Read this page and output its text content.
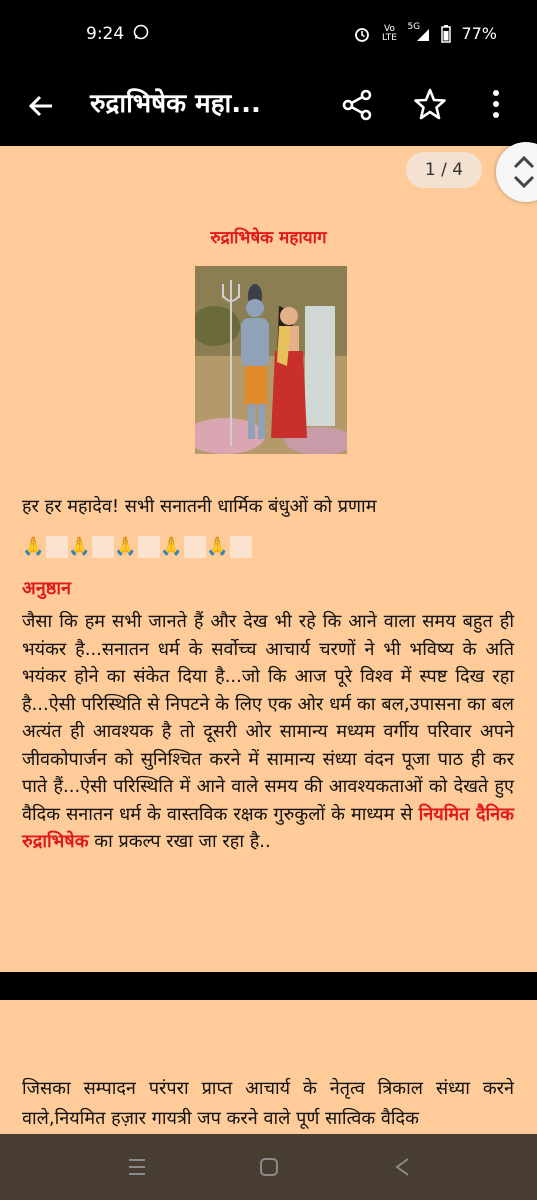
9:24	Vo LTE
5G	77%
रुद्राभिषेक महा...
1 / 4
रुद्राभिषेक महायाग
हर हर महादेव! सभी सनातनी धार्मिक बंधुओं को प्रणाम
🙏 🙏 🙏 🙏 🙏
अनुष्ठान
जैसा कि हम सभी जानते हैं और देख भी रहे कि आने वाला समय बहुत ही भयंकर है...सनातन धर्म के सर्वोच्च आचार्य चरणों ने भी भविष्य के अति भयंकर होने का संकेत दिया है...जो कि आज पूरे विश्व में स्पष्ट दिख रहा है...ऐसी परिस्थिति से निपटने के लिए एक ओर धर्म का बल,उपासना का बल अत्यंत ही आवश्यक है तो दूसरी ओर सामान्य मध्यम वर्गीय परिवार अपने जीवकोपार्जन को सुनिश्चित करने में सामान्य संध्या वंदन पूजा पाठ ही कर पाते हैं...ऐसी परिस्थिति में आने वाले समय की आवश्यकताओं को देखते हुए वैदिक सनातन धर्म के वास्तविक रक्षक गुरुकुलों के माध्यम से नियमित दैनिक रुद्राभिषेक का प्रकल्प रखा जा रहा है..
जिसका सम्पादन परंपरा प्राप्त आचार्य के नेतृत्व त्रिकाल संध्या करने वाले,नियमित हज़ार गायत्री जप करने वाले पूर्ण सात्विक वैदिक
